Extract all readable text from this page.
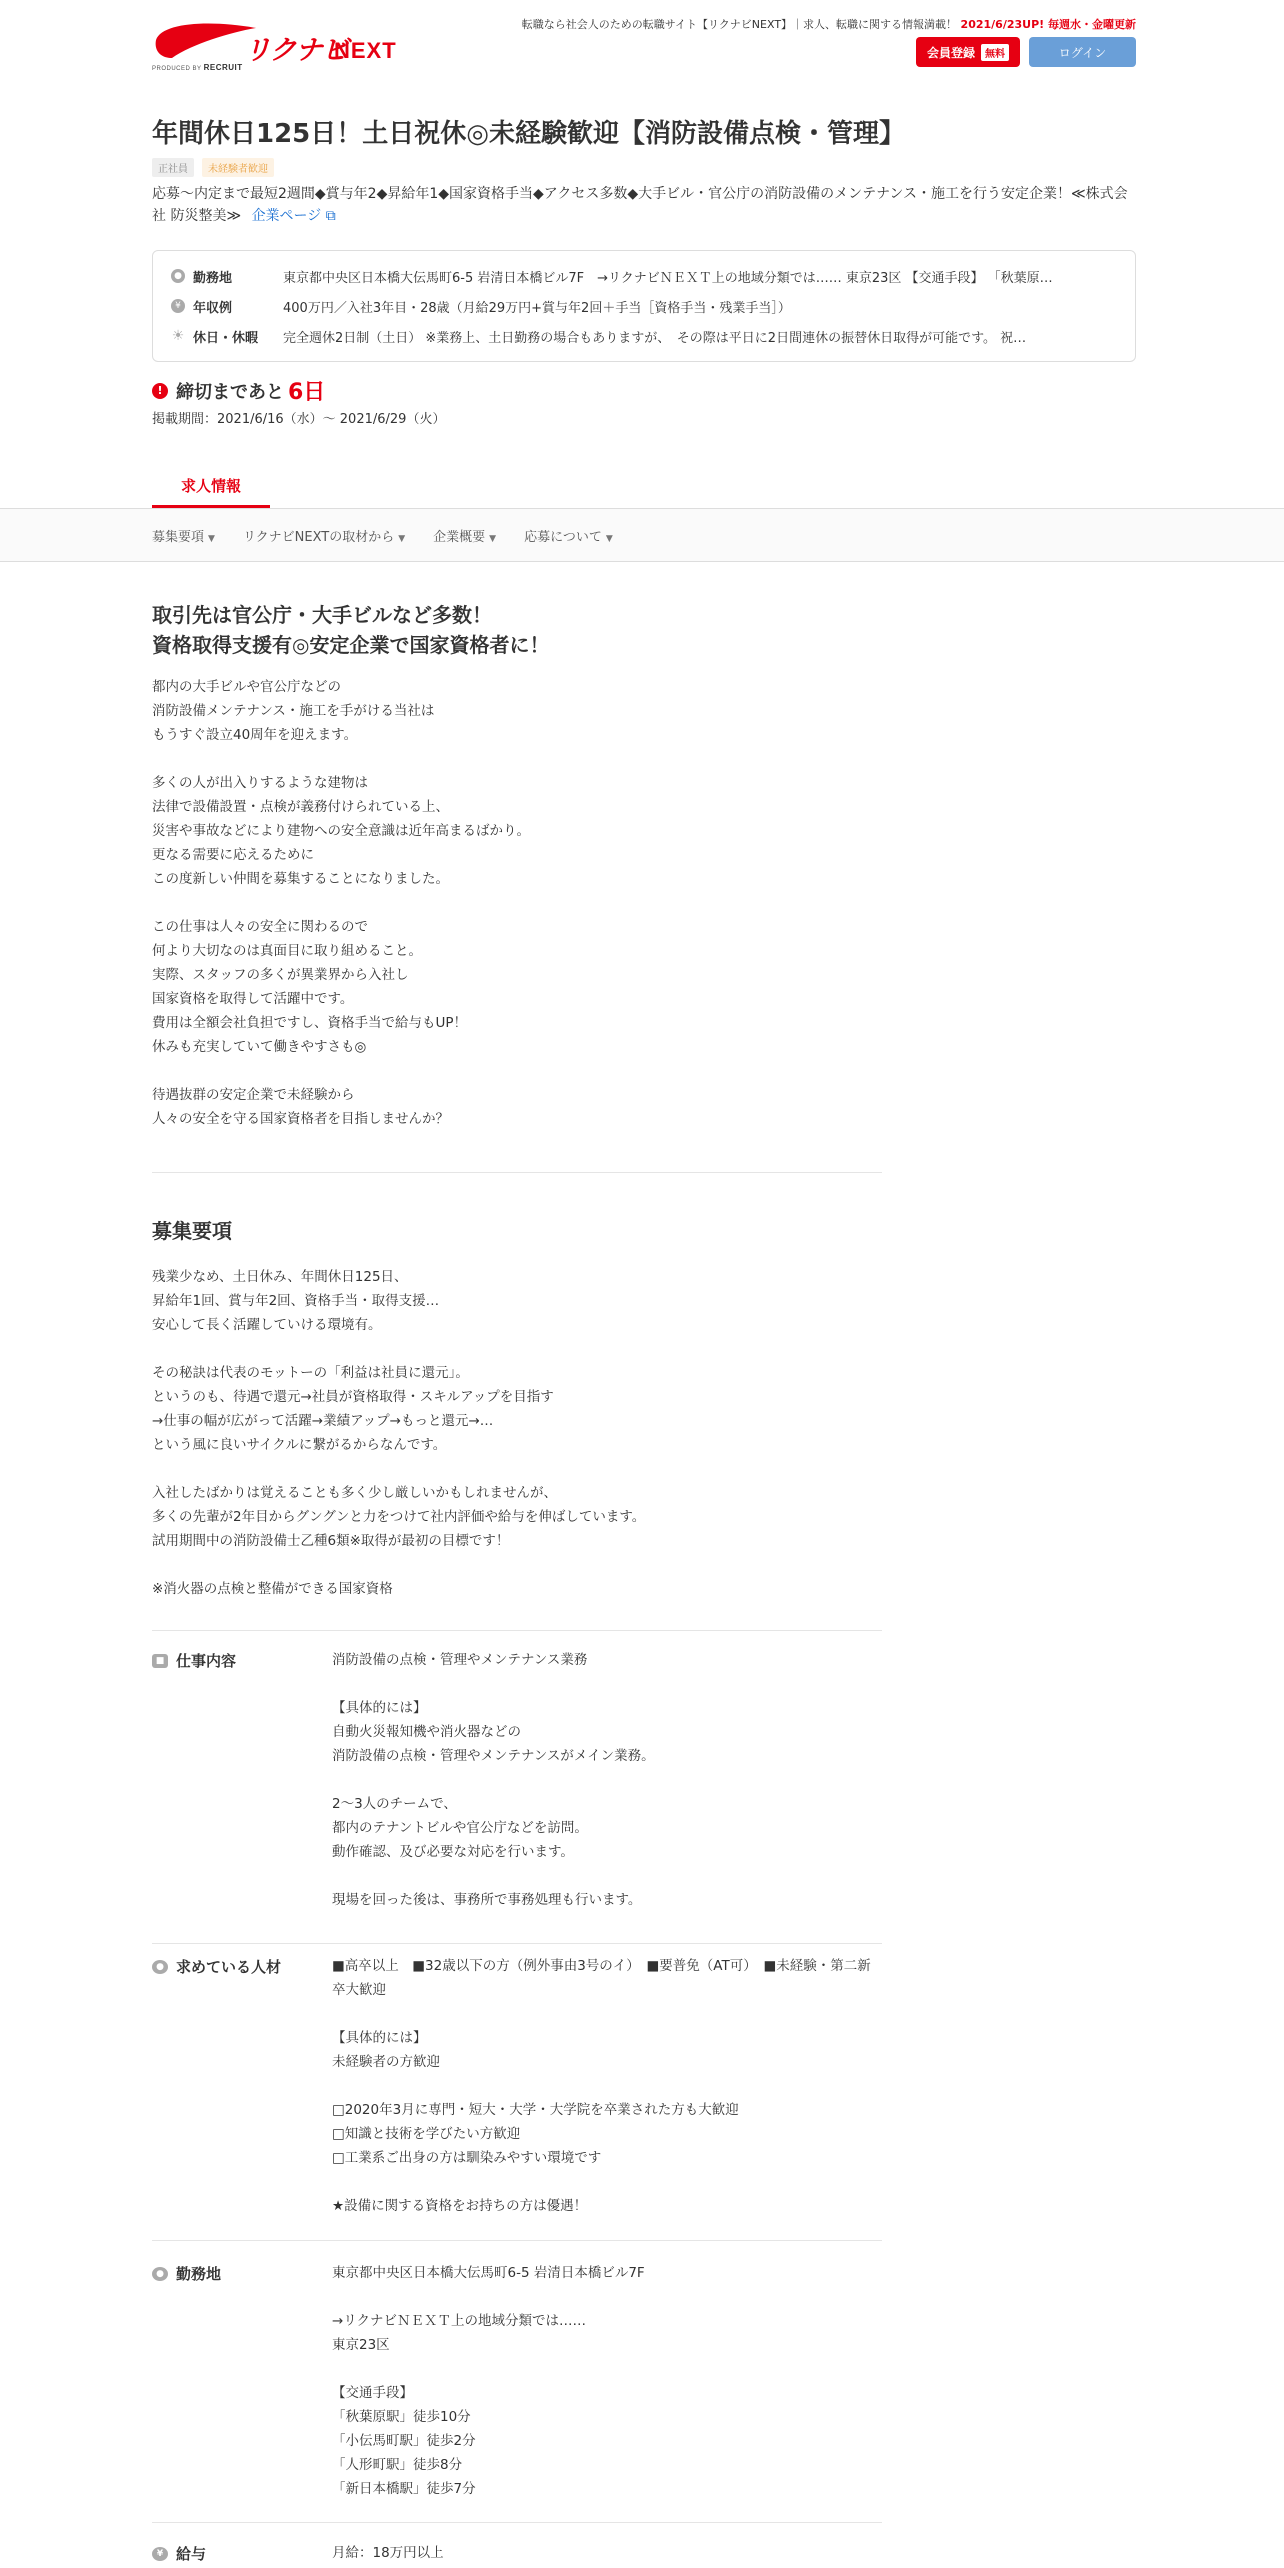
リクナビ
NEXT
PRODUCED BY RECRUIT
転職なら社会人のための転職サイト【リクナビNEXT】｜求人、転職に関する情報満載！ 2021/6/23UP! 毎週水・金曜更新
会員登録	無料	ログイン
年間休日125日！土日祝休◎未経験歓迎【消防設備点検・管理】
正社員	未経験者歓迎
応募～内定まで最短2週間◆賞与年2◆昇給年1◆国家資格手当◆アクセス多数◆大手ビル・官公庁の消防設備のメンテナンス・施工を行う安定企業！≪株式会社 防災整美≫ 企業ページ ⧉
● 勤務地	東京都中央区日本橋大伝馬町6-5 岩清日本橋ビル7F　→リクナビＮＥＸＴ上の地域分類では…… 東京23区 【交通手段】 「秋葉原…
¥ 年収例	400万円／入社3年目・28歳（月給29万円+賞与年2回＋手当［資格手当・残業手当］）
☀ 休日・休暇	完全週休2日制（土日） ※業務上、土日勤務の場合もありますが、　その際は平日に2日間連休の振替休日取得が可能です。 祝…
! 締切まであと 6日
掲載期間：2021/6/16（水）～ 2021/6/29（火）
求人情報
募集要項 ▼ リクナビNEXTの取材から ▼ 企業概要 ▼ 応募について ▼
取引先は官公庁・大手ビルなど多数！
資格取得支援有◎安定企業で国家資格者に！
都内の大手ビルや官公庁などの
消防設備メンテナンス・施工を手がける当社は
もうすぐ設立40周年を迎えます。

多くの人が出入りするような建物は
法律で設備設置・点検が義務付けられている上、
災害や事故などにより建物への安全意識は近年高まるばかり。
更なる需要に応えるために
この度新しい仲間を募集することになりました。

この仕事は人々の安全に関わるので
何より大切なのは真面目に取り組めること。
実際、スタッフの多くが異業界から入社し
国家資格を取得して活躍中です。
費用は全額会社負担ですし、資格手当で給与もUP！
休みも充実していて働きやすさも◎

待遇抜群の安定企業で未経験から
人々の安全を守る国家資格者を目指しませんか？
募集要項
残業少なめ、土日休み、年間休日125日、
昇給年1回、賞与年2回、資格手当・取得支援…
安心して長く活躍していける環境有。

その秘訣は代表のモットーの「利益は社員に還元」。
というのも、待遇で還元→社員が資格取得・スキルアップを目指す
→仕事の幅が広がって活躍→業績アップ→もっと還元→…
という風に良いサイクルに繋がるからなんです。

入社したばかりは覚えることも多く少し厳しいかもしれませんが、
多くの先輩が2年目からグングンと力をつけて社内評価や給与を伸ばしています。
試用期間中の消防設備士乙種6類※取得が最初の目標です！

※消火器の点検と整備ができる国家資格
■ 仕事内容	消防設備の点検・管理やメンテナンス業務

【具体的には】
自動火災報知機や消火器などの
消防設備の点検・管理やメンテナンスがメイン業務。

2～3人のチームで、
都内のテナントビルや官公庁などを訪問。
動作確認、及び必要な対応を行います。

現場を回った後は、事務所で事務処理も行います。
● 求めている人材	■高卒以上　■32歳以下の方（例外事由3号のイ）　■要普免（AT可）　■未経験・第二新卒大歓迎

【具体的には】
未経験者の方歓迎

□2020年3月に専門・短大・大学・大学院を卒業された方も大歓迎
□知識と技術を学びたい方歓迎
□工業系ご出身の方は馴染みやすい環境です

★設備に関する資格をお持ちの方は優遇！
● 勤務地	東京都中央区日本橋大伝馬町6-5 岩清日本橋ビル7F

→リクナビＮＥＸＴ上の地域分類では……
東京23区

【交通手段】
「秋葉原駅」徒歩10分
「小伝馬町駅」徒歩2分
「人形町駅」徒歩8分
「新日本橋駅」徒歩7分
¥ 給与	月給：18万円以上
